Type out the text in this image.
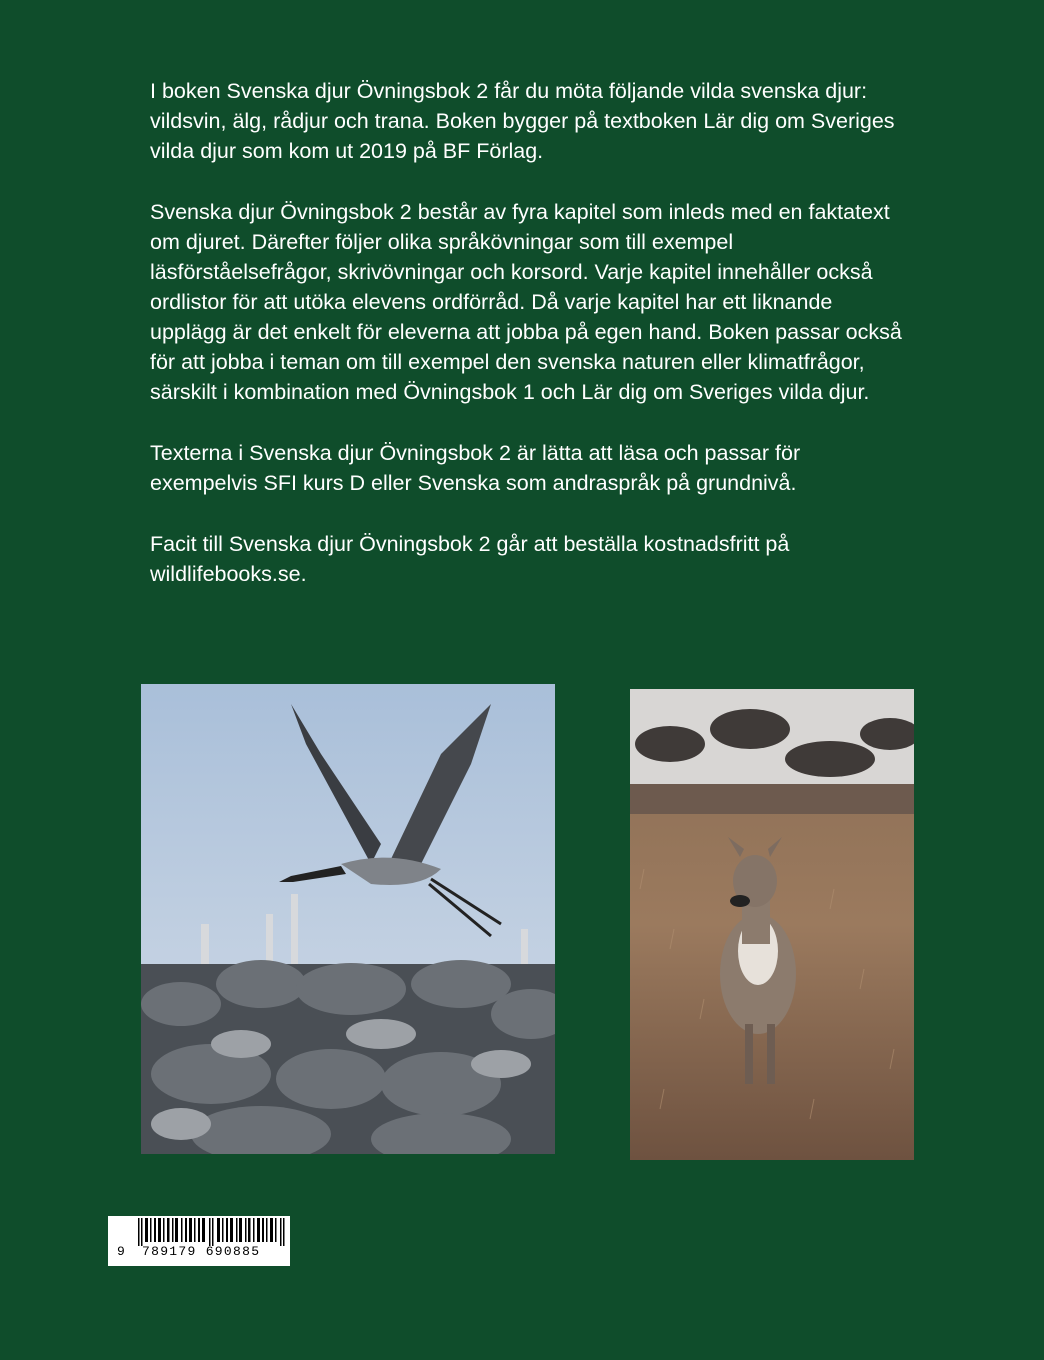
I boken Svenska djur Övningsbok 2 får du möta följande vilda svenska djur: vildsvin, älg, rådjur och trana. Boken bygger på textboken Lär dig om Sveriges vilda djur som kom ut 2019 på BF Förlag.

Svenska djur Övningsbok 2 består av fyra kapitel som inleds med en faktatext om djuret. Därefter följer olika språkövningar som till exempel läsförståelsefrågor, skrivövningar och korsord. Varje kapitel innehåller också ordlistor för att utöka elevens ordförråd. Då varje kapitel har ett liknande upplägg är det enkelt för eleverna att jobba på egen hand. Boken passar också för att jobba i teman om till exempel den svenska naturen eller klimatfrågor, särskilt i kombination med Övningsbok 1 och Lär dig om Sveriges vilda djur.

Texterna i Svenska djur Övningsbok 2 är lätta att läsa och passar för exempelvis SFI kurs D eller Svenska som andraspråk på grundnivå.

Facit till Svenska djur Övningsbok 2 går att beställa kostnadsfritt på wildlifebooks.se.

9 789179 690885
